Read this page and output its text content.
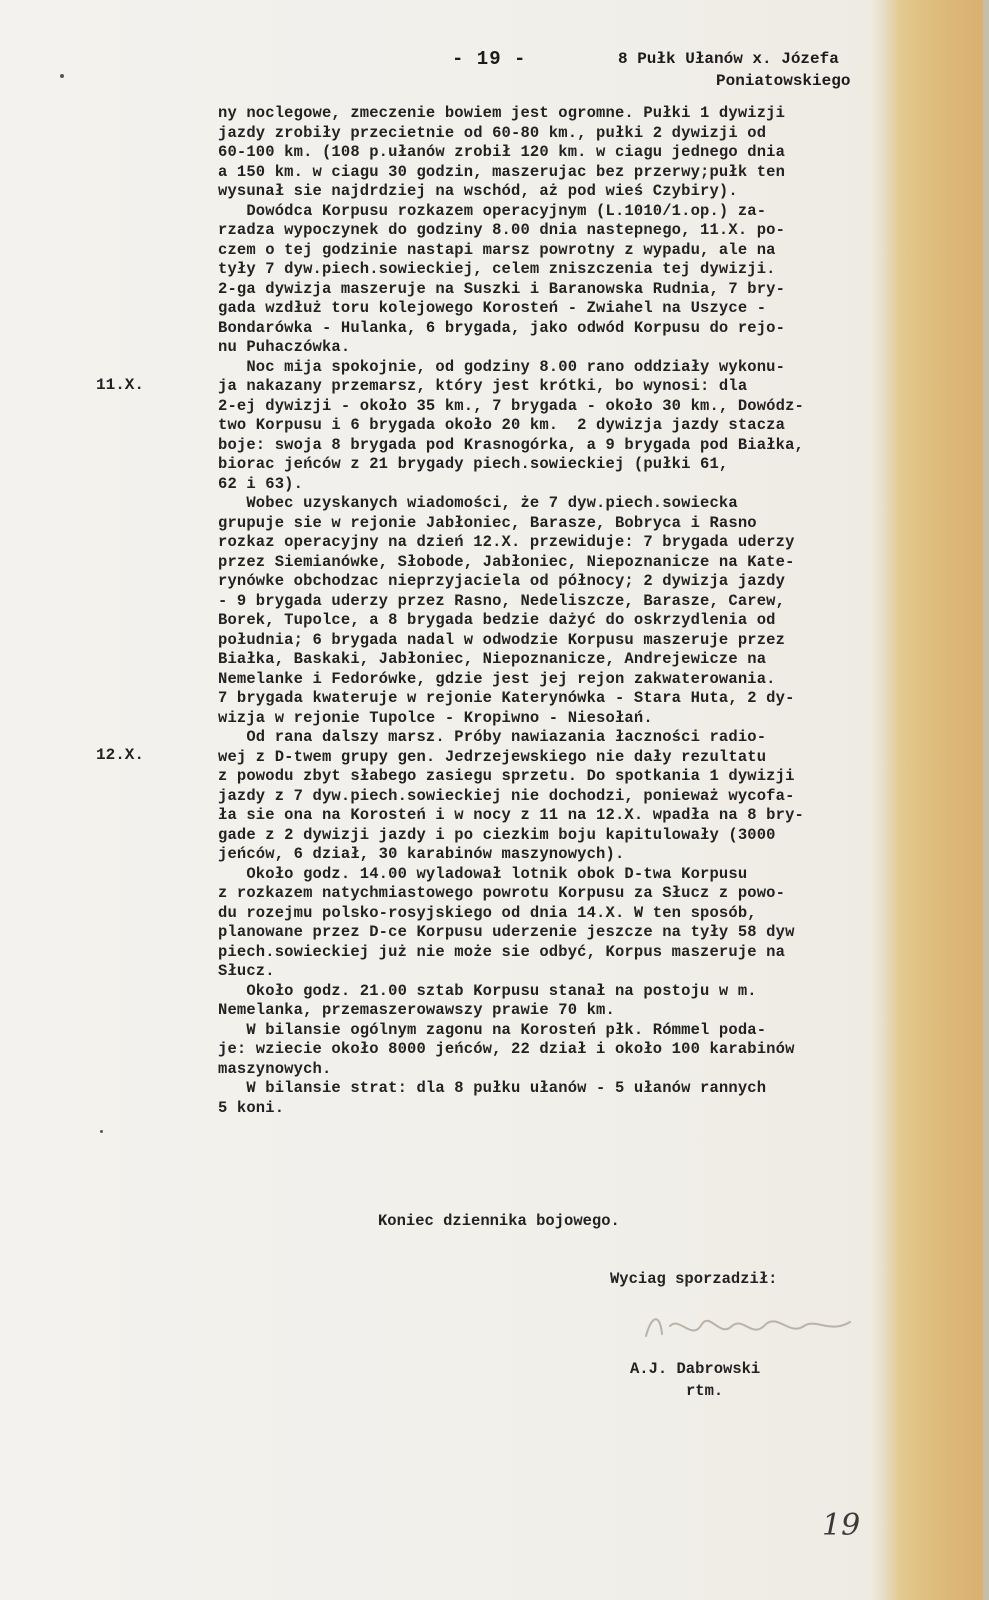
- 19 -	8 Pułk Ułanów x. Józefa
Poniatowskiego
ny noclegowe, zmeczenie bowiem jest ogromne. Pułki 1 dywizji
jazdy zrobiły przecietnie od 60-80 km., pułki 2 dywizji od
60-100 km. (108 p.ułanów zrobił 120 km. w ciagu jednego dnia
a 150 km. w ciagu 30 godzin, maszerujac bez przerwy;pułk ten
wysunał sie najdrdziej na wschód, aż pod wieś Czybiry).
Dowódca Korpusu rozkazem operacyjnym (L.1010/1.op.) za-
rzadza wypoczynek do godziny 8.00 dnia nastepnego, 11.X. po-
czem o tej godzinie nastapi marsz powrotny z wypadu, ale na
tyły 7 dyw.piech.sowieckiej, celem zniszczenia tej dywizji.
2-ga dywizja maszeruje na Suszki i Baranowska Rudnia, 7 bry-
gada wzdłuż toru kolejowego Korosteń - Zwiahel na Uszyce -
Bondarówka - Hulanka, 6 brygada, jako odwód Korpusu do rejo-
nu Puhaczówka.
Noc mija spokojnie, od godziny 8.00 rano oddziały wykonu-
ja nakazany przemarsz, który jest krótki, bo wynosi: dla
2-ej dywizji - około 35 km., 7 brygada - około 30 km., Dowódz-
two Korpusu i 6 brygada około 20 km.  2 dywizja jazdy stacza
boje: swoja 8 brygada pod Krasnogórka, a 9 brygada pod Białka,
biorac jeńców z 21 brygady piech.sowieckiej (pułki 61,
62 i 63).
Wobec uzyskanych wiadomości, że 7 dyw.piech.sowiecka
grupuje sie w rejonie Jabłoniec, Barasze, Bobryca i Rasno
rozkaz operacyjny na dzień 12.X. przewiduje: 7 brygada uderzy
przez Siemianówke, Słobode, Jabłoniec, Niepoznanicze na Kate-
rynówke obchodzac nieprzyjaciela od północy; 2 dywizja jazdy
- 9 brygada uderzy przez Rasno, Nedeliszcze, Barasze, Carew,
Borek, Tupolce, a 8 brygada bedzie dażyć do oskrzydlenia od
południa; 6 brygada nadal w odwodzie Korpusu maszeruje przez
Białka, Baskaki, Jabłoniec, Niepoznanicze, Andrejewicze na
Nemelanke i Fedorówke, gdzie jest jej rejon zakwaterowania.
7 brygada kwateruje w rejonie Katerynówka - Stara Huta, 2 dy-
wizja w rejonie Tupolce - Kropiwno - Niesołań.
Od rana dalszy marsz. Próby nawiazania łaczności radio-
wej z D-twem grupy gen. Jedrzejewskiego nie dały rezultatu
z powodu zbyt słabego zasiegu sprzetu. Do spotkania 1 dywizji
jazdy z 7 dyw.piech.sowieckiej nie dochodzi, ponieważ wycofa-
ła sie ona na Korosteń i w nocy z 11 na 12.X. wpadła na 8 bry-
gade z 2 dywizji jazdy i po ciezkim boju kapitulowały (3000
jeńców, 6 dział, 30 karabinów maszynowych).
Około godz. 14.00 wyladował lotnik obok D-twa Korpusu
z rozkazem natychmiastowego powrotu Korpusu za Słucz z powo-
du rozejmu polsko-rosyjskiego od dnia 14.X. W ten sposób,
planowane przez D-ce Korpusu uderzenie jeszcze na tyły 58 dyw
piech.sowieckiej już nie może sie odbyć, Korpus maszeruje na
Słucz.
Około godz. 21.00 sztab Korpusu stanał na postoju w m.
Nemelanka, przemaszerowawszy prawie 70 km.
W bilansie ogólnym zagonu na Korosteń płk. Rómmel poda-
je: wziecie około 8000 jeńców, 22 dział i około 100 karabinów
maszynowych.
W bilansie strat: dla 8 pułku ułanów - 5 ułanów rannych
5 koni.
Koniec dziennika bojowego.
Wyciag sporzadził:
A.J. Dabrowski
rtm.
19
11.X.
12.X.
